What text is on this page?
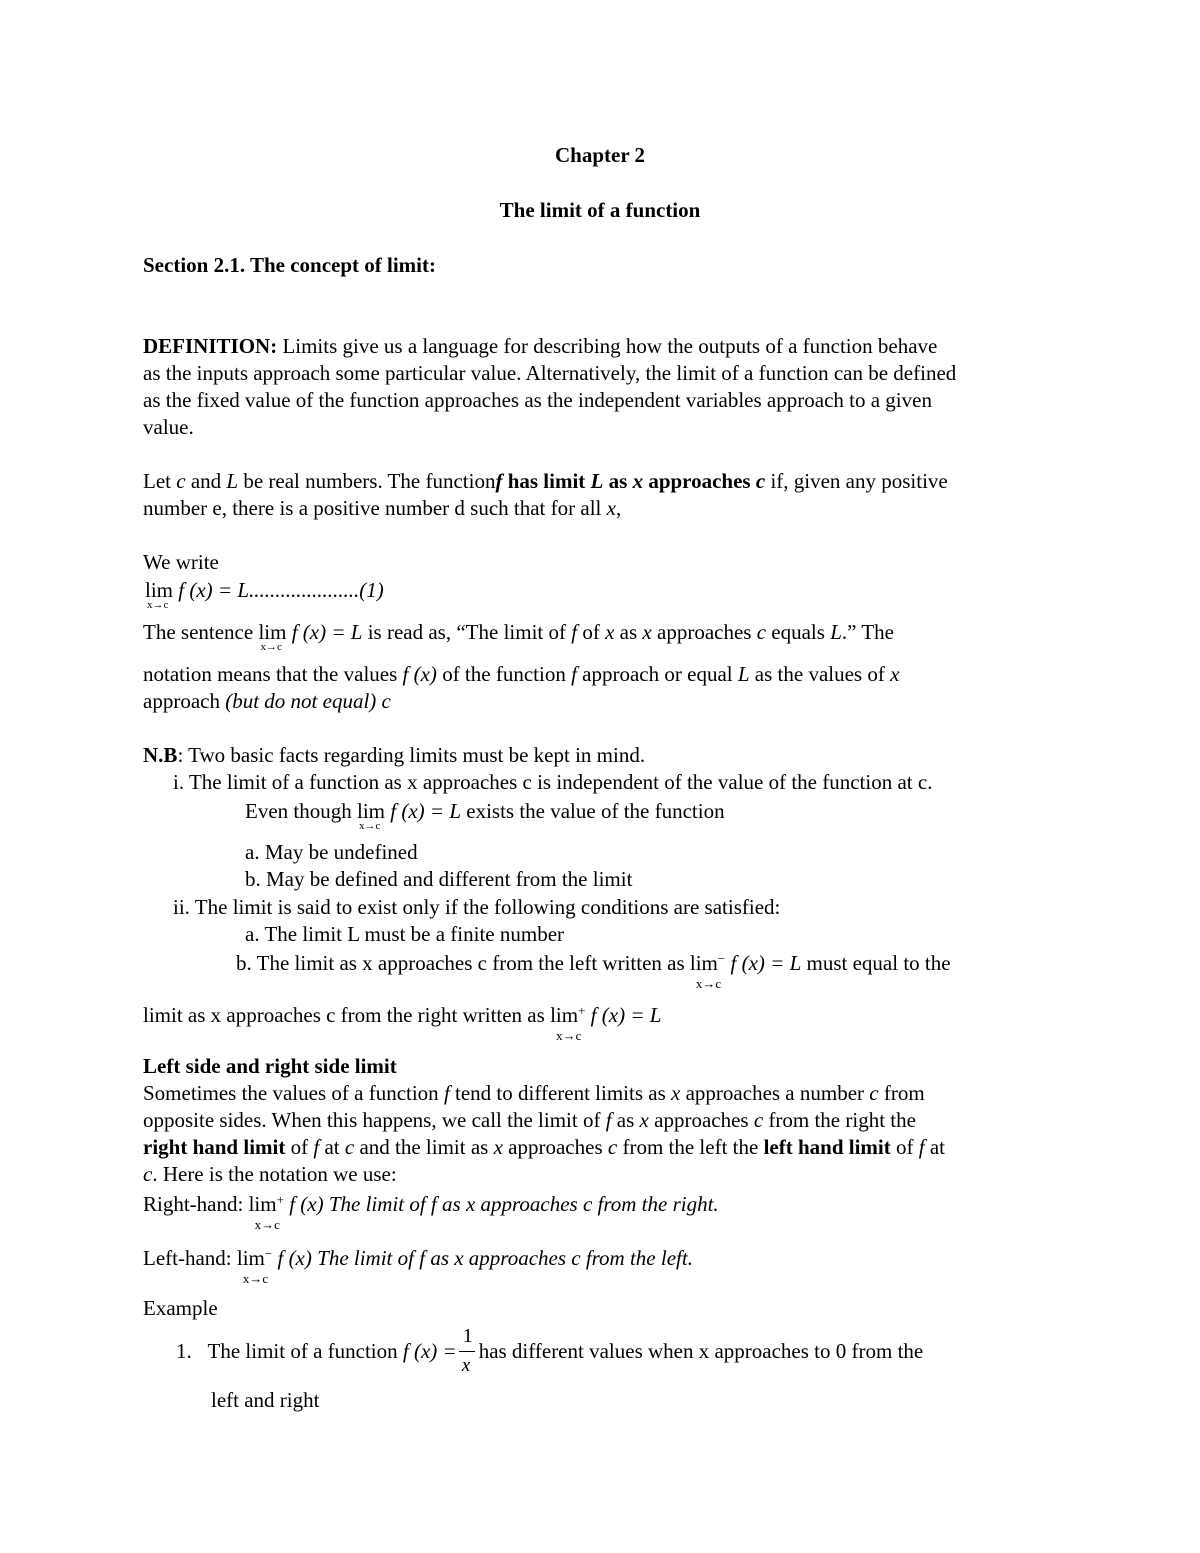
Chapter 2
The limit of a function
Section 2.1. The concept of limit:
DEFINITION: Limits give us a language for describing how the outputs of a function behave
as the inputs approach some particular value. Alternatively, the limit of a function can be defined
as the fixed value of the function approaches as the independent variables approach to a given
value.
Let c and L be real numbers. The functionf has limit L as x approaches c if, given any positive
number e, there is a positive number d such that for all x,
We write
lim
x→c
f (x) = L.....................(1)
The sentence lim
x→c
f (x) = L is read as, “The limit of f of x as x approaches c equals L.” The
notation means that the values f (x) of the function f approach or equal L as the values of x
approach (but do not equal) c
N.B: Two basic facts regarding limits must be kept in mind.
i. The limit of a function as x approaches c is independent of the value of the function at c.
Even though lim
x→c
f (x) = L exists the value of the function
a. May be undefined
b. May be defined and different from the limit
ii. The limit is said to exist only if the following conditions are satisfied:
a. The limit L must be a finite number
b. The limit as x approaches c from the left written as lim
x→c
− f (x) = L must equal to the
limit as x approaches c from the right written as lim
x→c
+ f (x) = L
Left side and right side limit
Sometimes the values of a function f tend to different limits as x approaches a number c from
opposite sides. When this happens, we call the limit of f as x approaches c from the right the
right hand limit of f at c and the limit as x approaches c from the left the left hand limit of f at
c. Here is the notation we use:
Right-hand: lim
x→c
+ f (x) The limit of f as x approaches c from the right.
Left-hand: lim
x→c
− f (x) The limit of f as x approaches c from the left.
Example
1. The limit of a function f $(x) = \frac{1}{x}$ has different values when x approaches to 0 from the
left and right
